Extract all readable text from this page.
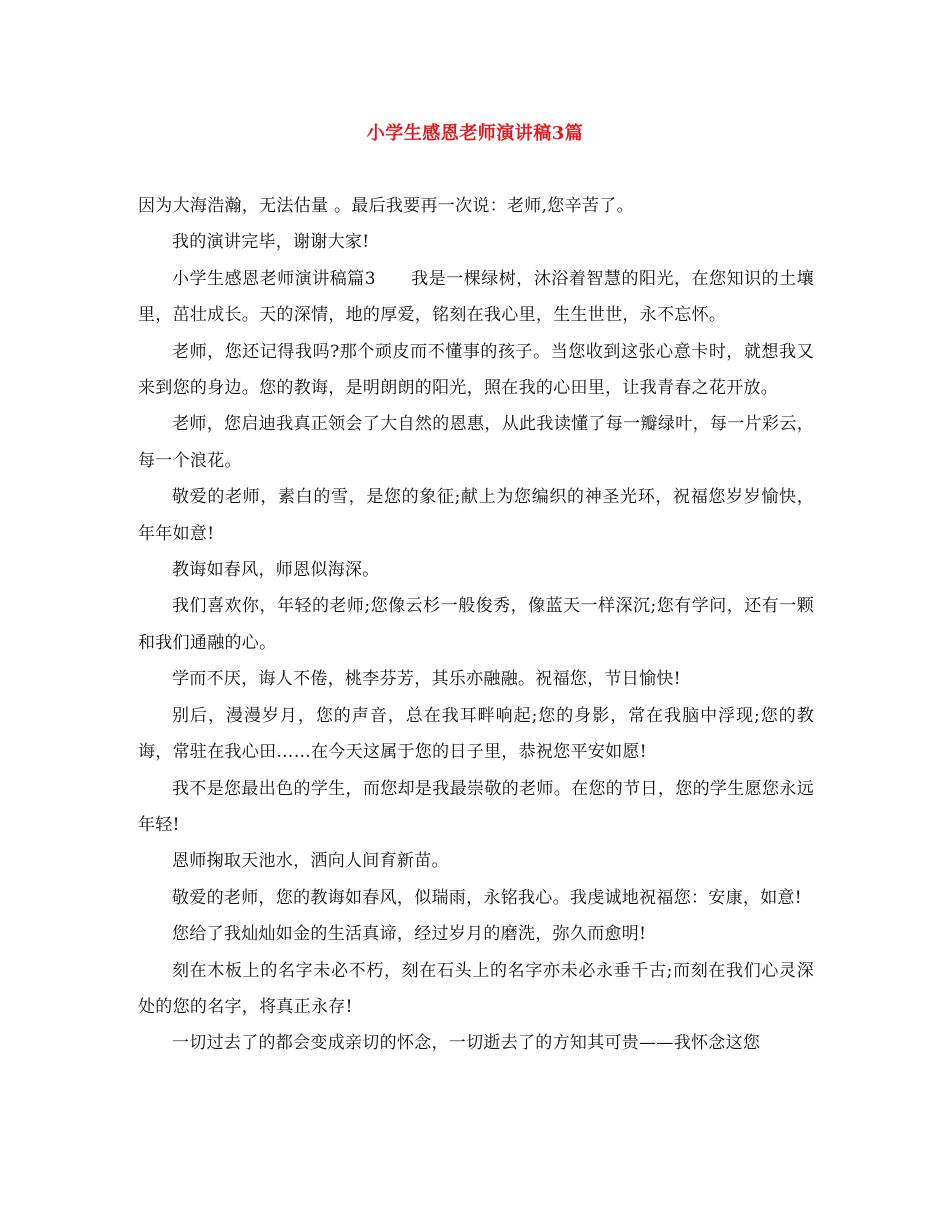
小学生感恩老师演讲稿3篇

因为大海浩瀚，无法估量 。最后我要再一次说：老师,您辛苦了。

我的演讲完毕，谢谢大家!

小学生感恩老师演讲稿篇3　　我是一棵绿树，沐浴着智慧的阳光，在您知识的土壤里，茁壮成长。天的深情，地的厚爱，铭刻在我心里，生生世世，永不忘怀。

老师，您还记得我吗?那个顽皮而不懂事的孩子。当您收到这张心意卡时，就想我又来到您的身边。您的教诲，是明朗朗的阳光，照在我的心田里，让我青春之花开放。

老师，您启迪我真正领会了大自然的恩惠，从此我读懂了每一瓣绿叶，每一片彩云，每一个浪花。

敬爱的老师，素白的雪，是您的象征;献上为您编织的神圣光环，祝福您岁岁愉快，年年如意!

教诲如春风，师恩似海深。

我们喜欢你，年轻的老师;您像云杉一般俊秀，像蓝天一样深沉;您有学问，还有一颗和我们通融的心。

学而不厌，诲人不倦，桃李芬芳，其乐亦融融。祝福您，节日愉快!

别后，漫漫岁月，您的声音，总在我耳畔响起;您的身影，常在我脑中浮现;您的教诲，常驻在我心田……在今天这属于您的日子里，恭祝您平安如愿!

我不是您最出色的学生，而您却是我最崇敬的老师。在您的节日，您的学生愿您永远年轻!

恩师掬取天池水，洒向人间育新苗。

敬爱的老师，您的教诲如春风，似瑞雨，永铭我心。我虔诚地祝福您：安康，如意!

您给了我灿灿如金的生活真谛，经过岁月的磨洗，弥久而愈明!

刻在木板上的名字未必不朽，刻在石头上的名字亦未必永垂千古;而刻在我们心灵深处的您的名字，将真正永存!

一切过去了的都会变成亲切的怀念，一切逝去了的方知其可贵——我怀念这您
